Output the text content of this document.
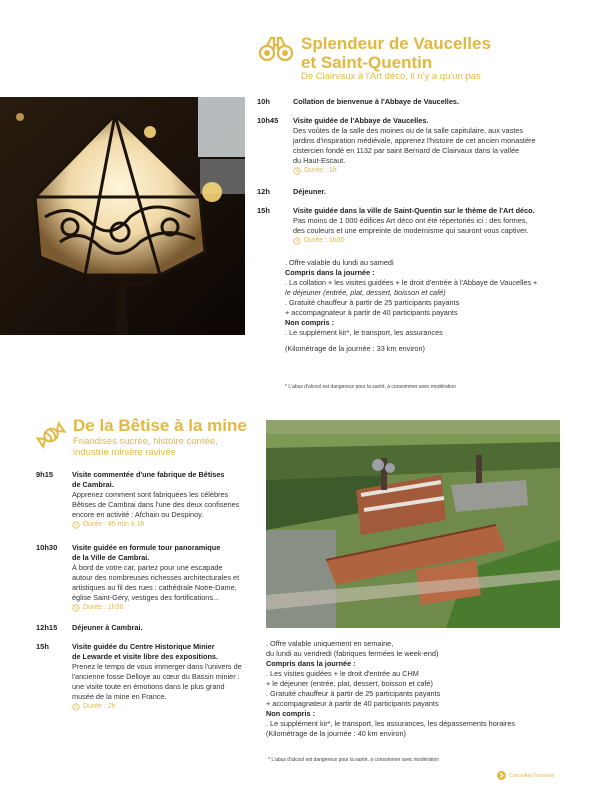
Splendeur de Vaucelles
et Saint-Quentin
De Clairvaux à l'Art déco, il n'y a qu'un pas
10h	Collation de bienvenue à l'Abbaye de Vaucelles.
10h45	Visite guidée de l'Abbaye de Vaucelles.
Des voûtes de la salle des moines ou de la salle capitulaire, aux vastes
jardins d'inspiration médiévale, apprenez l'histoire de cet ancien monastère
cistercien fondé en 1132 par saint Bernard de Clairvaux dans la vallée
du Haut-Escaut.
Durée : 1h
12h	Déjeuner.
15h	Visite guidée dans la ville de Saint-Quentin sur le thème de l'Art déco.
Pas moins de 1 000 édifices Art déco ont été répertoriés ici : des formes,
des couleurs et une empreinte de modernisme qui sauront vous captiver.
Durée : 1h30
. Offre valable du lundi au samedi
Compris dans la journée :
. La collation + les visites guidées + le droit d'entrée à l'Abbaye de Vaucelles +
le déjeuner (entrée, plat, dessert, boisson et café)
. Gratuité chauffeur à partir de 25 participants payants
+ accompagnateur à partir de 40 participants payants
Non compris :
. Le supplément kir*, le transport, les assurances
(Kilométrage de la journée : 33 km environ)
* L'abus d'alcool est dangereux pour la santé, à consommer avec modération
De la Bêtise à la mine
Friandises sucrée, histoire contée,
industrie minière ravivée
9h15	Visite commentée d'une fabrique de Bêtises
de Cambrai.
Apprenez comment sont fabriquées les célèbres
Bêtises de Cambrai dans l'une des deux confiseries
encore en activité : Afchain ou Despinoy.
Durée : 45 min à 1h
10h30	Visite guidée en formule tour panoramique
de la Ville de Cambrai.
À bord de votre car, partez pour une escapade
autour des nombreuses richesses architecturales et
artistiques au fil des rues : cathédrale Notre-Dame,
église Saint-Géry, vestiges des fortifications...
Durée : 1h30
12h15	Déjeuner à Cambrai.
15h	Visite guidée du Centre Historique Minier
de Lewarde et visite libre des expositions.
Prenez le temps de vous immerger dans l'univers de
l'ancienne fosse Delloye au cœur du Bassin minier :
une visite toute en émotions dans le plus grand
musée de la mine en France.
Durée : 2h
. Offre valable uniquement en semaine,
du lundi au vendredi (fabriques fermées le week-end)
Compris dans la journée :
. Les visites guidées + le droit d'entrée au CHM
+ le déjeuner (entrée, plat, dessert, boisson et café)
. Gratuité chauffeur à partir de 25 participants payants
+ accompagnateur à partir de 40 participants payants
Non compris :
. Le supplément kir*, le transport, les assurances, les dépassements horaires
(Kilométrage de la journée : 40 km environ)
* L'abus d'alcool est dangereux pour la santé, à consommer avec modération
Consulter l'annexe
